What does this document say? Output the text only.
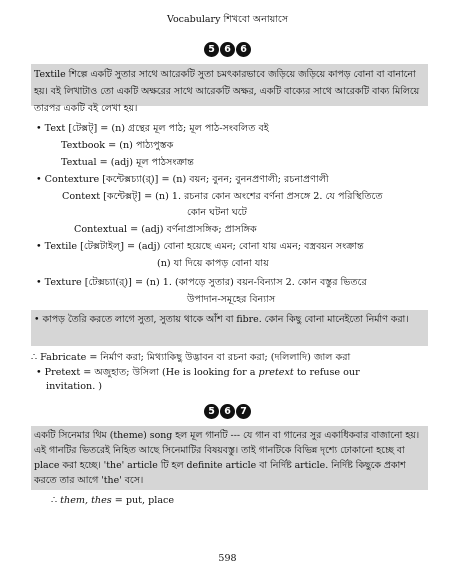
Vocabulary শিখবো অনায়াসে
5 6 6
Textile শিল্পে একটি সুতার সাথে আরেকটি সুতা চমৎকারভাবে জড়িয়ে জড়িয়ে কাপড় বোনা বা বানানো হয়। বই লিখাটাও তো একটি অক্ষরের সাথে আরেকটি অক্ষর, একটি বাক্যের সাথে আরেকটি বাক্য মিলিয়ে তারপর একটি বই লেখা হয়।
• Text [টেক্সট্] = (n) গ্রন্থের মূল পাঠ; মূল পাঠ-সংবলিত বই
Textbook = (n) পাঠ্যপুস্তক
Textual = (adj) মূল পাঠসংক্রান্ত
• Contexture [কন্টেক্সচ্যা(র্)] = (n) বয়ন; বুনন; বুননপ্রণালী; রচনাপ্রণালী
Context [কন্টেক্সট্] = (n) 1. রচনার কোন অংশের বর্ণনা প্রসঙ্গে 2. যে পরিস্থিতিতে
কোন ঘটনা ঘটে
Contextual = (adj) বর্ণনাপ্রাসঙ্গিক; প্রাসঙ্গিক
• Textile [টেক্সটাইল্] = (adj) বোনা হয়েছে এমন; বোনা যায় এমন; বস্ত্রবয়ন সংক্রান্ত
(n) যা দিয়ে কাপড় বোনা যায়
• Texture [টেক্সচ্যা(র্)] = (n) 1. (কাপড়ে সুতার) বয়ন-বিন্যাস 2. কোন বস্তুর ভিতরে
উপাদান-সমূহের বিন্যাস
• কাপড় তৈরি করতে লাগে সুতা, সুতায় থাকে আঁশ বা fibre. কোন কিছু বোনা মানেইতো নির্মাণ করা।
∴ Fabricate = নির্মাণ করা; মিথ্যাকিছু উদ্ভাবন বা রচনা করা; (দলিলাদি) জাল করা
• Pretext = অজুহাত; উসিলা (He is looking for a pretext to refuse our
invitation. )
5 6 7
একটি সিনেমার থিম (theme) song হল মূল গানটি --- যে গান বা গানের সুর একাধিকবার বাজানো হয়। এই গানটির ভিতরেই নিহিত আছে সিনেমাটির বিষয়বস্তু। তাই গানটিকে বিভিন্ন দৃশ্যে ঢোকানো হচ্ছে বা place করা হচ্ছে। 'the' article টি হল definite article বা নির্দিষ্ট article. নির্দিষ্ট কিছুকে প্রকাশ করতে তার আগে 'the' বসে।
∴ them, thes = put, place
598
